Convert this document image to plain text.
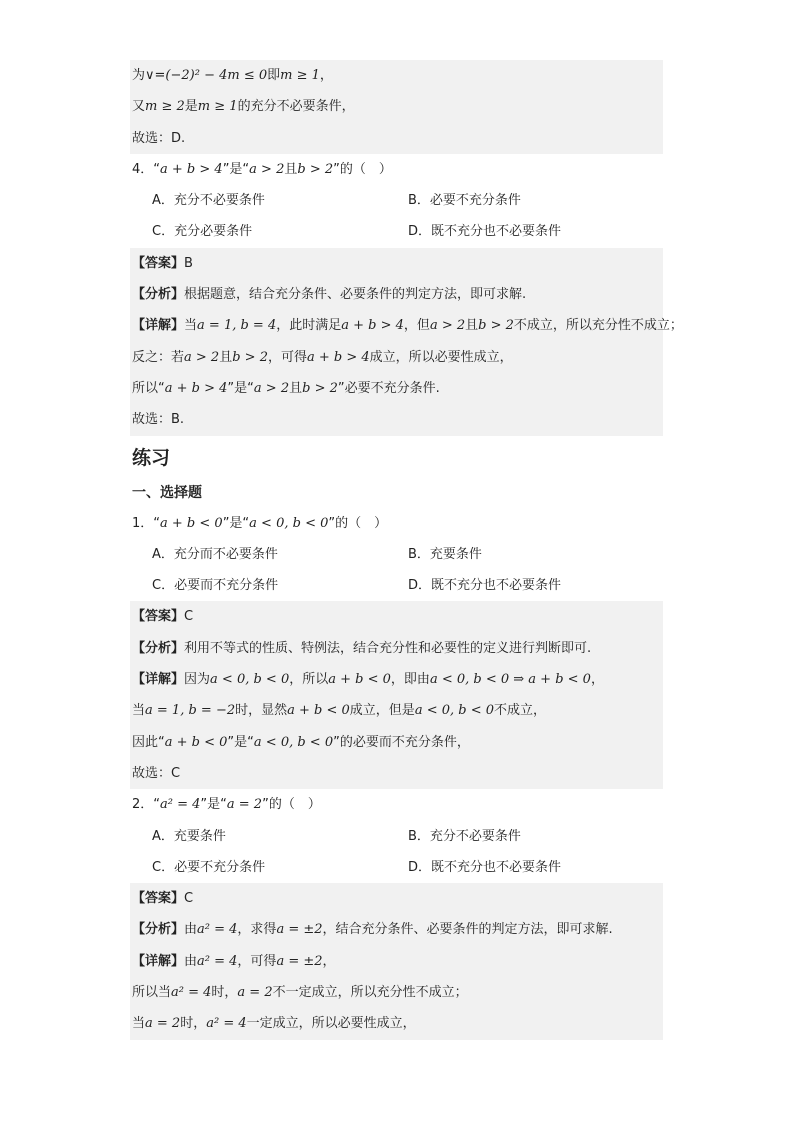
为∨=(−2)² − 4m ≤ 0即m ≥ 1，
又m ≥ 2是m ≥ 1的充分不必要条件，
故选：D.
4．“a + b > 4”是“a > 2且b > 2”的（　）
A．充分不必要条件	B．必要不充分条件
C．充分必要条件	D．既不充分也不必要条件
【答案】B
【分析】根据题意，结合充分条件、必要条件的判定方法，即可求解.
【详解】当a = 1, b = 4，此时满足a + b > 4，但a > 2且b > 2不成立，所以充分性不成立；
反之：若a > 2且b > 2，可得a + b > 4成立，所以必要性成立，
所以“a + b > 4”是“a > 2且b > 2”必要不充分条件.
故选：B.
练习
一、选择题
1．“a + b < 0”是“a < 0, b < 0”的（　）
A．充分而不必要条件	B．充要条件
C．必要而不充分条件	D．既不充分也不必要条件
【答案】C
【分析】利用不等式的性质、特例法，结合充分性和必要性的定义进行判断即可.
【详解】因为a < 0, b < 0，所以a + b < 0，即由a < 0, b < 0 ⇒ a + b < 0，
当a = 1, b = −2时，显然a + b < 0成立，但是a < 0, b < 0不成立，
因此“a + b < 0”是“a < 0, b < 0”的必要而不充分条件，
故选：C
2．“a² = 4”是“a = 2”的（　）
A．充要条件	B．充分不必要条件
C．必要不充分条件	D．既不充分也不必要条件
【答案】C
【分析】由a² = 4，求得a = ±2，结合充分条件、必要条件的判定方法，即可求解.
【详解】由a² = 4，可得a = ±2，
所以当a² = 4时，a = 2不一定成立，所以充分性不成立；
当a = 2时，a² = 4一定成立，所以必要性成立，
